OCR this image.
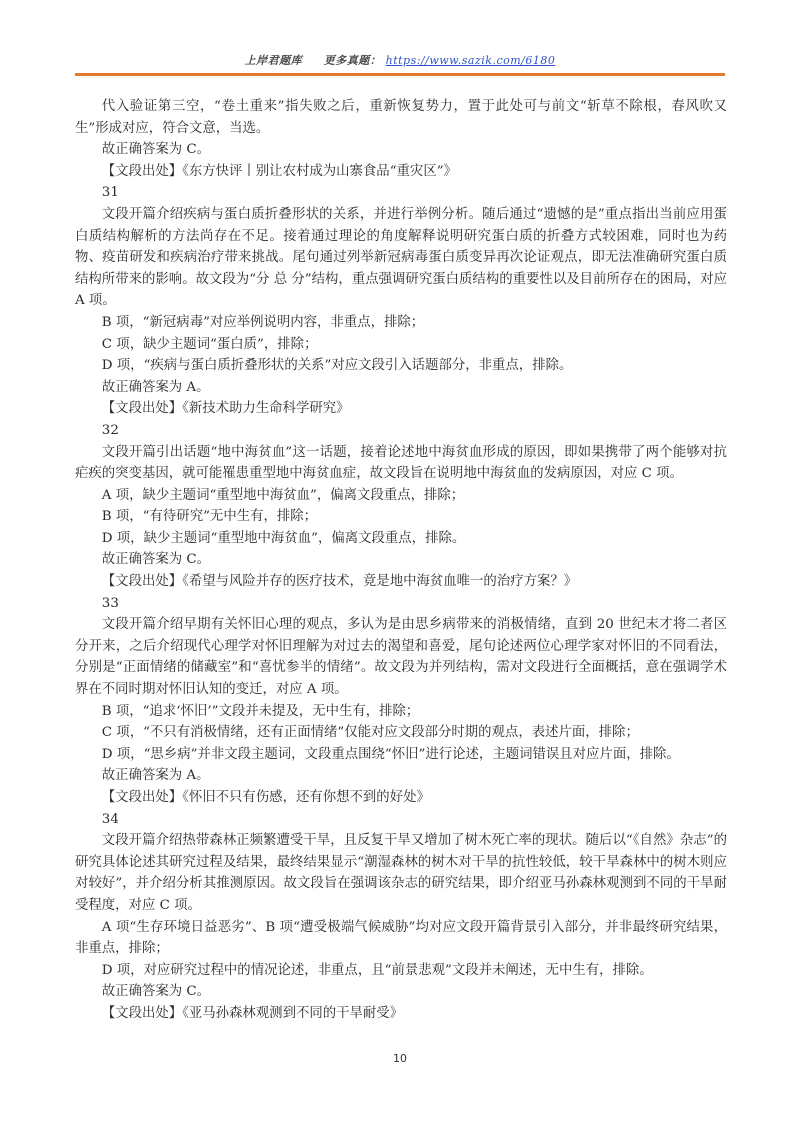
上岸君题库 更多真题： https://www.sazik.com/6180

代入验证第三空，“卷土重来”指失败之后，重新恢复势力，置于此处可与前文“斩草不除根，春风吹又生”形成对应，符合文意，当选。

故正确答案为 C。

【文段出处】《东方快评丨别让农村成为山寨食品“重灾区”》

31

文段开篇介绍疾病与蛋白质折叠形状的关系，并进行举例分析。随后通过“遗憾的是”重点指出当前应用蛋白质结构解析的方法尚存在不足。接着通过理论的角度解释说明研究蛋白质的折叠方式较困难，同时也为药物、疫苗研发和疾病治疗带来挑战。尾句通过列举新冠病毒蛋白质变异再次论证观点，即无法准确研究蛋白质结构所带来的影响。故文段为“分 总 分”结构，重点强调研究蛋白质结构的重要性以及目前所存在的困局，对应 A 项。

B 项，“新冠病毒”对应举例说明内容，非重点，排除；

C 项，缺少主题词“蛋白质”，排除；

D 项，“疾病与蛋白质折叠形状的关系”对应文段引入话题部分，非重点，排除。

故正确答案为 A。

【文段出处】《新技术助力生命科学研究》

32

文段开篇引出话题“地中海贫血”这一话题，接着论述地中海贫血形成的原因，即如果携带了两个能够对抗疟疾的突变基因，就可能罹患重型地中海贫血症，故文段旨在说明地中海贫血的发病原因，对应 C 项。

A 项，缺少主题词“重型地中海贫血”，偏离文段重点，排除；

B 项，“有待研究”无中生有，排除；

D 项，缺少主题词“重型地中海贫血”，偏离文段重点，排除。

故正确答案为 C。

【文段出处】《希望与风险并存的医疗技术，竟是地中海贫血唯一的治疗方案？》

33

文段开篇介绍早期有关怀旧心理的观点，多认为是由思乡病带来的消极情绪，直到 20 世纪末才将二者区分开来，之后介绍现代心理学对怀旧理解为对过去的渴望和喜爱，尾句论述两位心理学家对怀旧的不同看法，分别是“正面情绪的储藏室”和“喜忧参半的情绪”。故文段为并列结构，需对文段进行全面概括，意在强调学术界在不同时期对怀旧认知的变迁，对应 A 项。

B 项，“追求‘怀旧’”文段并未提及，无中生有，排除；

C 项，“不只有消极情绪，还有正面情绪”仅能对应文段部分时期的观点，表述片面，排除；

D 项，“思乡病”并非文段主题词，文段重点围绕“怀旧”进行论述，主题词错误且对应片面，排除。

故正确答案为 A。

【文段出处】《怀旧不只有伤感，还有你想不到的好处》

34

文段开篇介绍热带森林正频繁遭受干旱，且反复干旱又增加了树木死亡率的现状。随后以“《自然》杂志”的研究具体论述其研究过程及结果，最终结果显示“潮湿森林的树木对干旱的抗性较低，较干旱森林中的树木则应对较好”，并介绍分析其推测原因。故文段旨在强调该杂志的研究结果，即介绍亚马孙森林观测到不同的干旱耐受程度，对应 C 项。

A 项“生存环境日益恶劣”、B 项“遭受极端气候威胁”均对应文段开篇背景引入部分，并非最终研究结果，非重点，排除；

D 项，对应研究过程中的情况论述，非重点，且“前景悲观”文段并未阐述，无中生有，排除。

故正确答案为 C。

【文段出处】《亚马孙森林观测到不同的干旱耐受》

10
